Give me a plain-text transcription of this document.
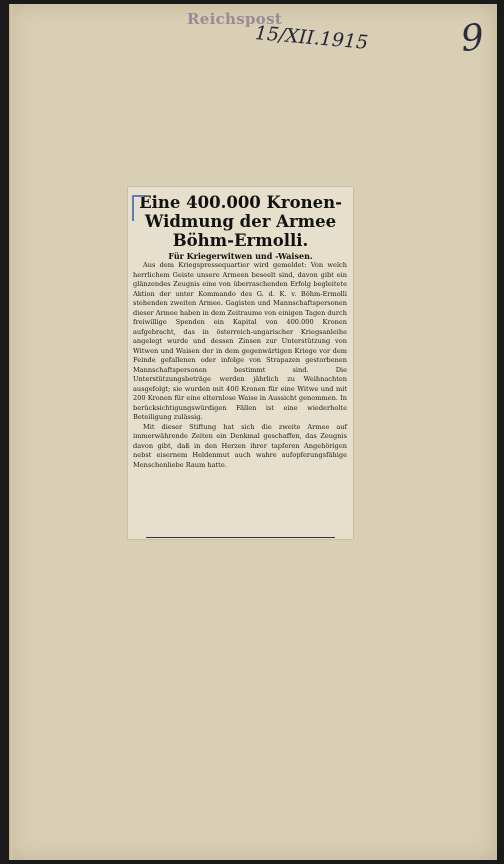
Reichspost
15/XII.1915 9
Eine 400.000 Kronen-
Widmung der Armee
Böhm-Ermolli.
Für Kriegerwitwen und -Waisen.

Aus dem Kriegspressequartier wird gemeldet: Von welch herrlichem Geiste unsere Armeen beseelt sind, davon gibt ein glänzendes Zeugnis eine von überraschenden Erfolg begleitete Aktion der unter Kommando des G. d. K. v. Böhm-Ermolli stehenden zweiten Armee. Gagisten und Mannschaftspersonen dieser Armee haben in dem Zeitraume von einigen Tagen durch freiwillige Spenden ein Kapital von 400.000 Kronen aufgebracht, das in österreich-ungarischer Kriegsanleihe angelegt wurde und dessen Zinsen zur Unterstützung von Witwen und Waisen der in dem gegenwärtigen Kriege vor dem Feinde gefallenen oder infolge von Strapazen gestorbenen Mannschaftspersonen bestimmt sind. Die Unterstützungsbeträge werden jährlich zu Weihnachten ausgefolgt; sie wurden mit 400 Kronen für eine Witwe und mit 200 Kronen für eine elternlose Waise in Aussicht genommen. In berücksichtigungswürdigen Fällen ist eine wiederholte Beteiligung zulässig.

Mit dieser Stiftung hat sich die zweite Armee auf immerwährende Zeiten ein Denkmal geschaffen, das Zeugnis davon gibt, daß in den Herzen ihrer tapferen Angehörigen nebst eisernem Heldenmut auch wahre aufopferungsfähige Menschenliebe Raum hatte.
